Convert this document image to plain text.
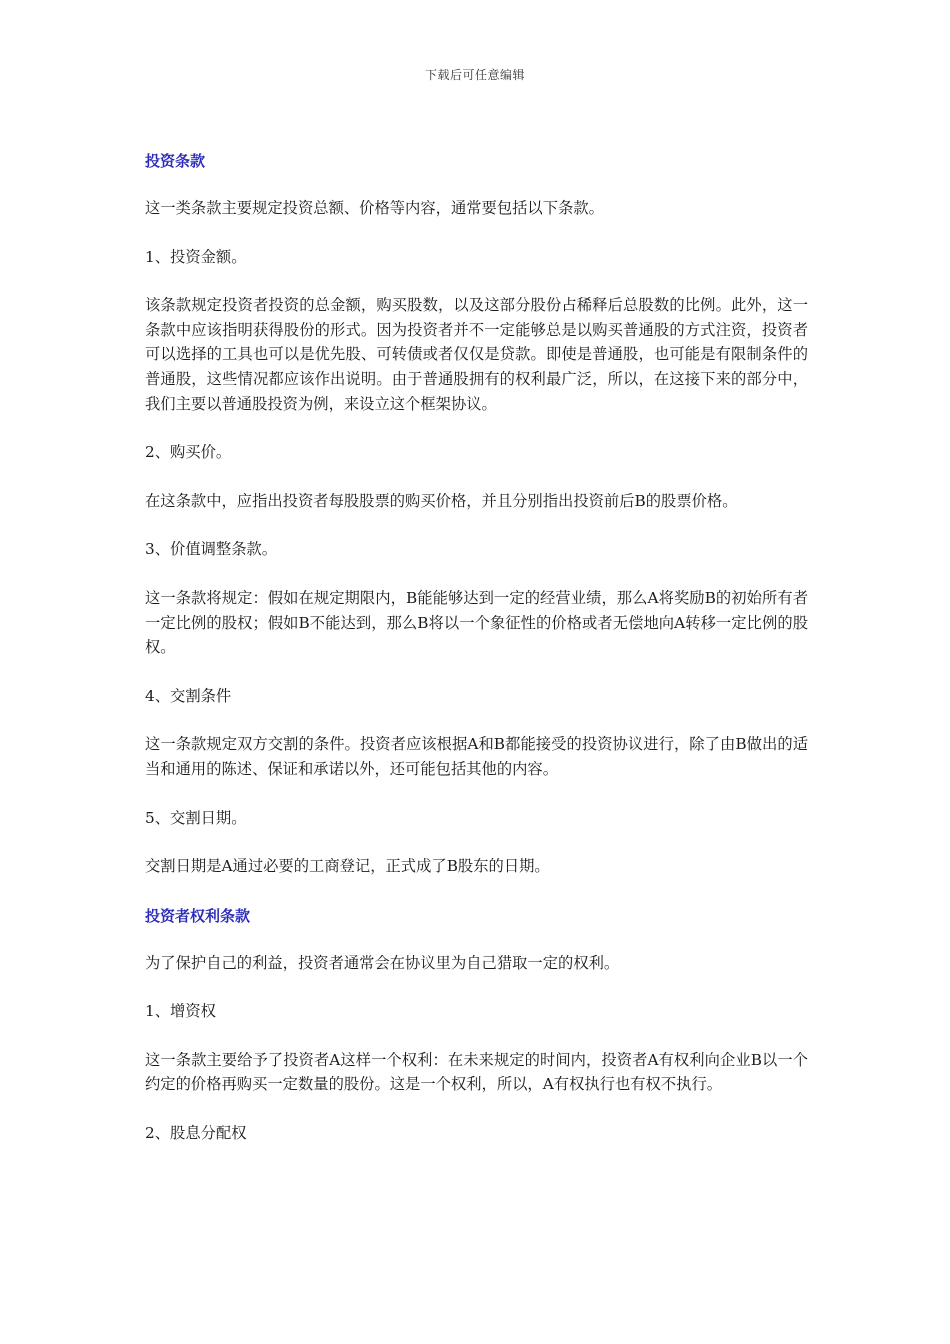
下载后可任意编辑
投资条款

这一类条款主要规定投资总额、价格等内容，通常要包括以下条款。

1、投资金额。

该条款规定投资者投资的总金额，购买股数，以及这部分股份占稀释后总股数的比例。此外，这一条款中应该指明获得股份的形式。因为投资者并不一定能够总是以购买普通股的方式注资，投资者可以选择的工具也可以是优先股、可转债或者仅仅是贷款。即使是普通股，也可能是有限制条件的普通股，这些情况都应该作出说明。由于普通股拥有的权利最广泛，所以，在这接下来的部分中，我们主要以普通股投资为例，来设立这个框架协议。

2、购买价。

在这条款中，应指出投资者每股股票的购买价格，并且分别指出投资前后B的股票价格。

3、价值调整条款。

这一条款将规定：假如在规定期限内，B能能够达到一定的经营业绩，那么A将奖励B的初始所有者一定比例的股权；假如B不能达到，那么B将以一个象征性的价格或者无偿地向A转移一定比例的股权。

4、交割条件

这一条款规定双方交割的条件。投资者应该根据A和B都能接受的投资协议进行，除了由B做出的适当和通用的陈述、保证和承诺以外，还可能包括其他的内容。

5、交割日期。

交割日期是A通过必要的工商登记，正式成了B股东的日期。

投资者权利条款

为了保护自己的利益，投资者通常会在协议里为自己猎取一定的权利。

1、增资权

这一条款主要给予了投资者A这样一个权利：在未来规定的时间内，投资者A有权利向企业B以一个约定的价格再购买一定数量的股份。这是一个权利，所以，A有权执行也有权不执行。

2、股息分配权
